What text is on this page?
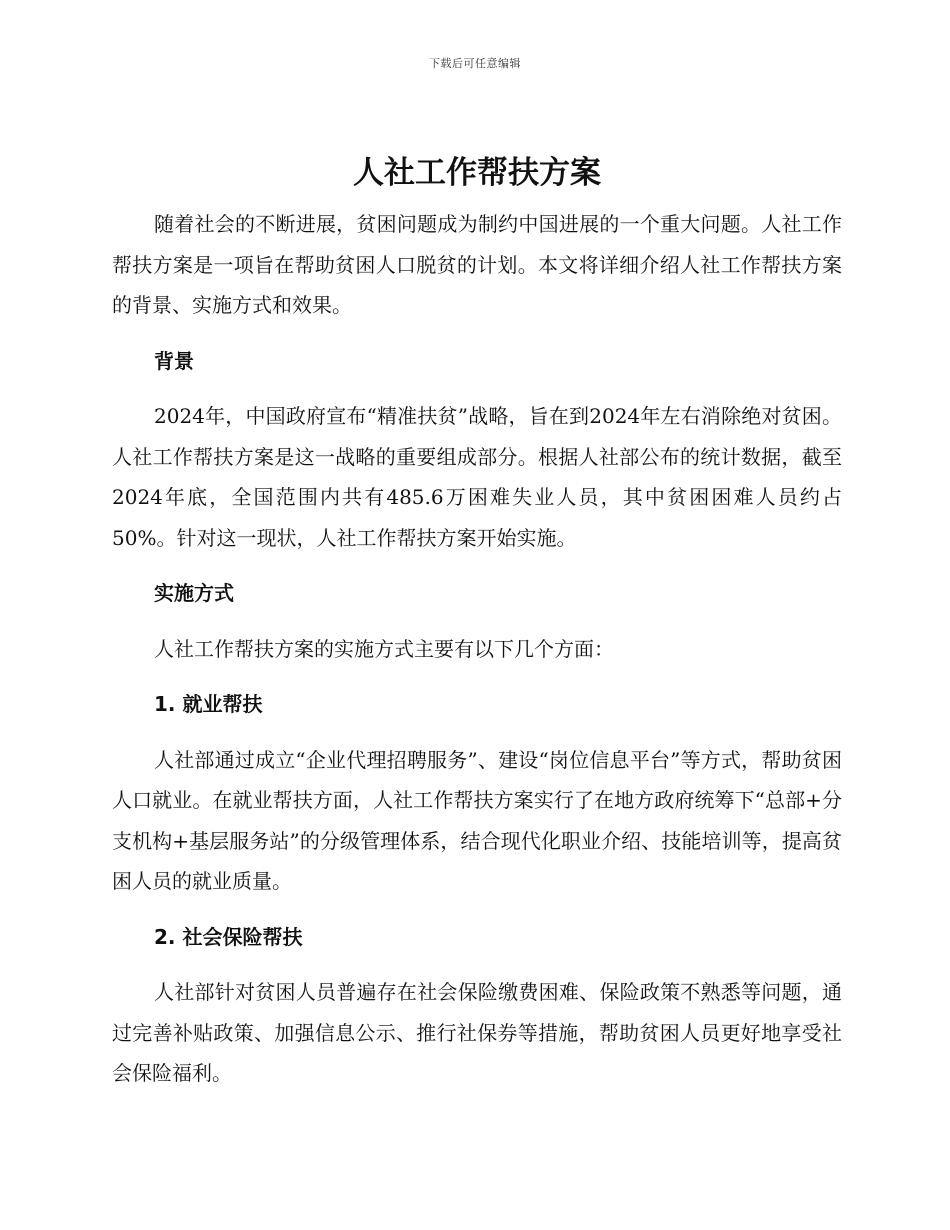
下载后可任意编辑
人社工作帮扶方案

随着社会的不断进展，贫困问题成为制约中国进展的一个重大问题。人社工作帮扶方案是一项旨在帮助贫困人口脱贫的计划。本文将详细介绍人社工作帮扶方案的背景、实施方式和效果。

背景

2024年，中国政府宣布“精准扶贫”战略，旨在到2024年左右消除绝对贫困。人社工作帮扶方案是这一战略的重要组成部分。根据人社部公布的统计数据，截至2024年底，全国范围内共有485.6万困难失业人员，其中贫困困难人员约占50%。针对这一现状，人社工作帮扶方案开始实施。

实施方式

人社工作帮扶方案的实施方式主要有以下几个方面：

1. 就业帮扶

人社部通过成立“企业代理招聘服务”、建设“岗位信息平台”等方式，帮助贫困人口就业。在就业帮扶方面，人社工作帮扶方案实行了在地方政府统筹下“总部+分支机构+基层服务站”的分级管理体系，结合现代化职业介绍、技能培训等，提高贫困人员的就业质量。

2. 社会保险帮扶

人社部针对贫困人员普遍存在社会保险缴费困难、保险政策不熟悉等问题，通过完善补贴政策、加强信息公示、推行社保券等措施，帮助贫困人员更好地享受社会保险福利。
